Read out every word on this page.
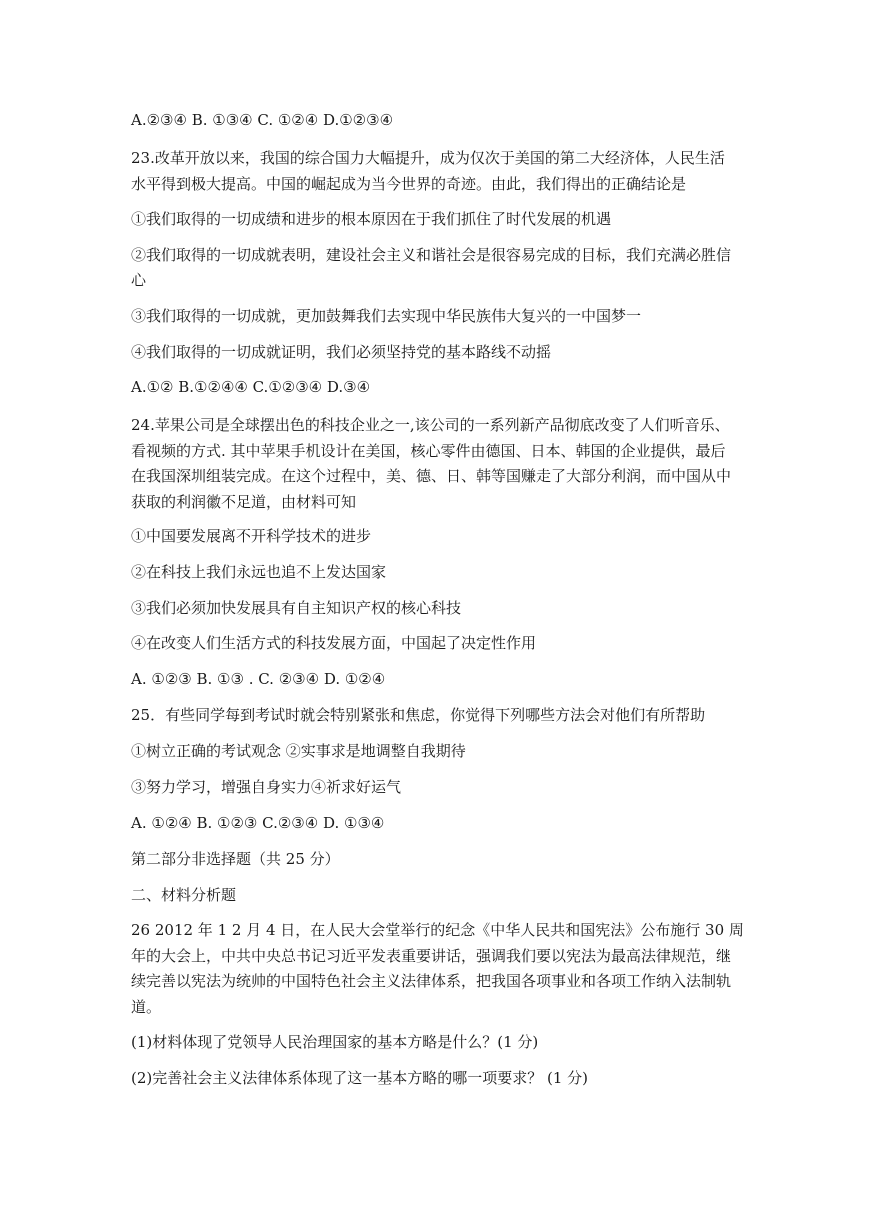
A.②③④ B. ①③④ C. ①②④ D.①②③④
23.改革开放以来，我国的综合国力大幅提升，成为仅次于美国的第二大经济体，人民生活
水平得到极大提高。中国的崛起成为当今世界的奇迹。由此，我们得出的正确结论是
①我们取得的一切成绩和进步的根本原因在于我们抓住了时代发展的机遇
②我们取得的一切成就表明，建设社会主义和谐社会是很容易完成的目标，我们充满必胜信
心
③我们取得的一切成就，更加鼓舞我们去实现中华民族伟大复兴的一中国梦一
④我们取得的一切成就证明，我们必须坚持党的基本路线不动摇
A.①② B.①②④④ C.①②③④ D.③④
24.苹果公司是全球摆出色的科技企业之一,该公司的一系列新产品彻底改变了人们听音乐、
看视频的方式. 其中苹果手机设计在美国，核心零件由德国、日本、韩国的企业提供，最后
在我国深圳组装完成。在这个过程中，美、德、日、韩等国赚走了大部分利润，而中国从中
获取的利润徽不足道，由材料可知
①中国要发展离不开科学技术的进步
②在科技上我们永远也追不上发达国家
③我们必须加快发展具有自主知识产权的核心科技
④在改变人们生活方式的科技发展方面，中国起了决定性作用
A. ①②③ B. ①③ . C. ②③④ D. ①②④
25．有些同学每到考试时就会特别紧张和焦虑，你觉得下列哪些方法会对他们有所帮助
①树立正确的考试观念 ②实事求是地调整自我期待
③努力学习，增强自身实力④祈求好运气
A. ①②④ B. ①②③ C.②③④ D. ①③④
第二部分非选择题（共 25 分）
二、材料分析题
26 2012 年 1 2 月 4 日，在人民大会堂举行的纪念《中华人民共和国宪法》公布施行 30 周
年的大会上，中共中央总书记习近平发表重要讲话，强调我们要以宪法为最高法律规范，继
续完善以宪法为统帅的中国特色社会主义法律体系，把我国各项事业和各项工作纳入法制轨
道。
(1)材料体现了党领导人民治理国家的基本方略是什么？(1 分)
(2)完善社会主义法律体系体现了这一基本方略的哪一项要求？ (1 分)
